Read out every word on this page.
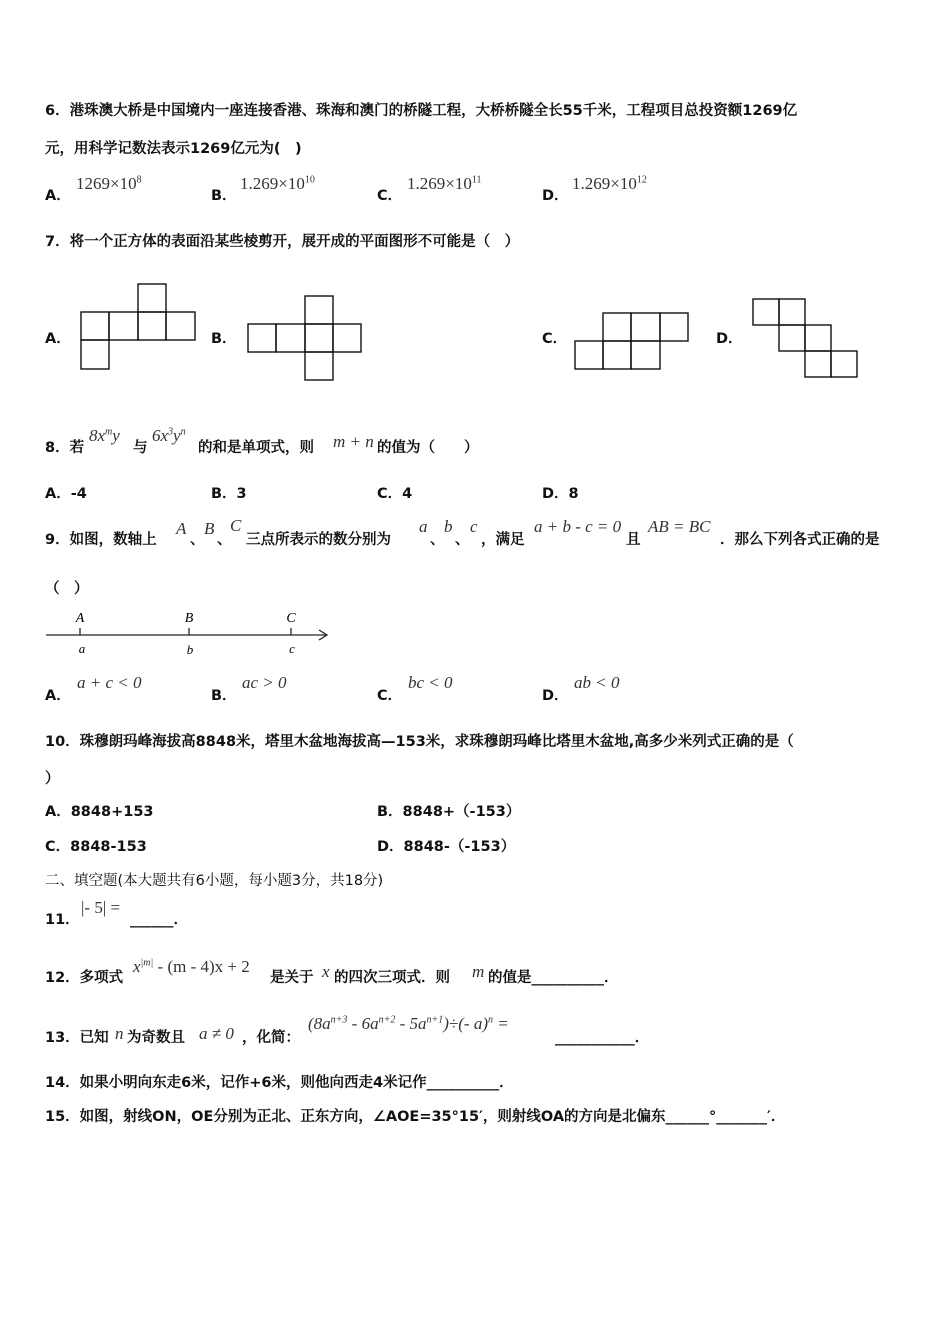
6．港珠澳大桥是中国境内一座连接香港、珠海和澳门的桥隧工程，大桥桥隧全长55千米，工程项目总投资额1269亿
元，用科学记数法表示1269亿元为(　)
A．
$1269\times 10^8$
B．
$1.269\times 10^{10}$
C．
$1.269\times 10^{11}$
D．
$1.269\times 10^{12}$
7．将一个正方体的表面沿某些棱剪开，展开成的平面图形不可能是（　）
A．	B．	C．	D．
8．若
$8x^my$
与
$6x^3y^n$
的和是单项式，则 m + n 的值为（　　）
A．-4	B．3	C．4	D．8
9．如图，数轴上
A
、
B
、
C
三点所表示的数分别为
a
、
b
、
c
，满足
a + b - c = 0
且
AB = BC
．那么下列各式正确的是
（　）
A	B	C
a	b	c
A．
a + c < 0
B．
ac > 0
C．
bc < 0
D．
ab < 0
10．珠穆朗玛峰海拔高8848米，塔里木盆地海拔高—153米，求珠穆朗玛峰比塔里木盆地,高多少米列式正确的是（
）
A．8848+153	B．8848+（-153）
C．8848-153	D．8848-（-153）
二、填空题(本大题共有6小题，每小题3分，共18分)
11．
|- 5| =
______．
12．多项式
$x^{|m|} - (m - 4)x + 2$
是关于 x 的四次三项式．则 m 的值是__________．
13．已知 n 为奇数且 a ≠ 0 ，化简：
$(8a^{n+3} - 6a^{n+2} - 5a^{n+1})\div(-$ a)$^n$ =
___________．
14．如果小明向东走6米，记作+6米，则他向西走4米记作__________．
15．如图，射线ON，OE分别为正北、正东方向，∠AOE=35°15′，则射线OA的方向是北偏东______°_______′．
